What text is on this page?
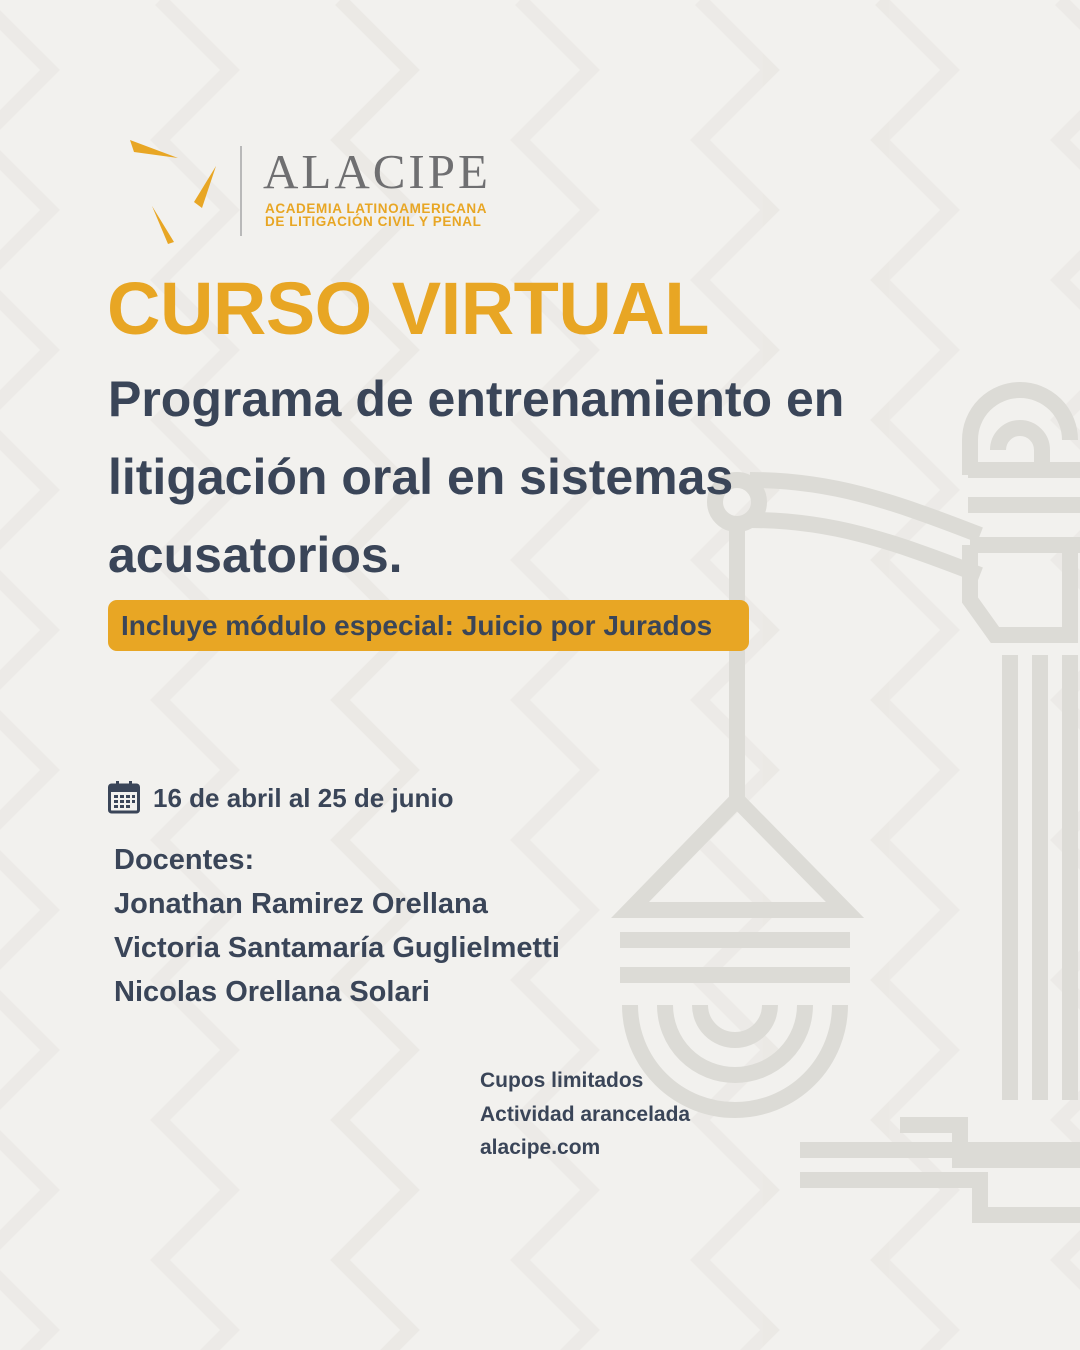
ALACIPE
ACADEMIA LATINOAMERICANA
DE LITIGACIÓN CIVIL Y PENAL
CURSO VIRTUAL
Programa de entrenamiento en
litigación oral en sistemas
acusatorios.
Incluye módulo especial: Juicio por Jurados
16 de abril al 25 de junio
Docentes:
Jonathan Ramirez Orellana
Victoria Santamaría Guglielmetti
Nicolas Orellana Solari
Cupos limitados
Actividad arancelada
alacipe.com
